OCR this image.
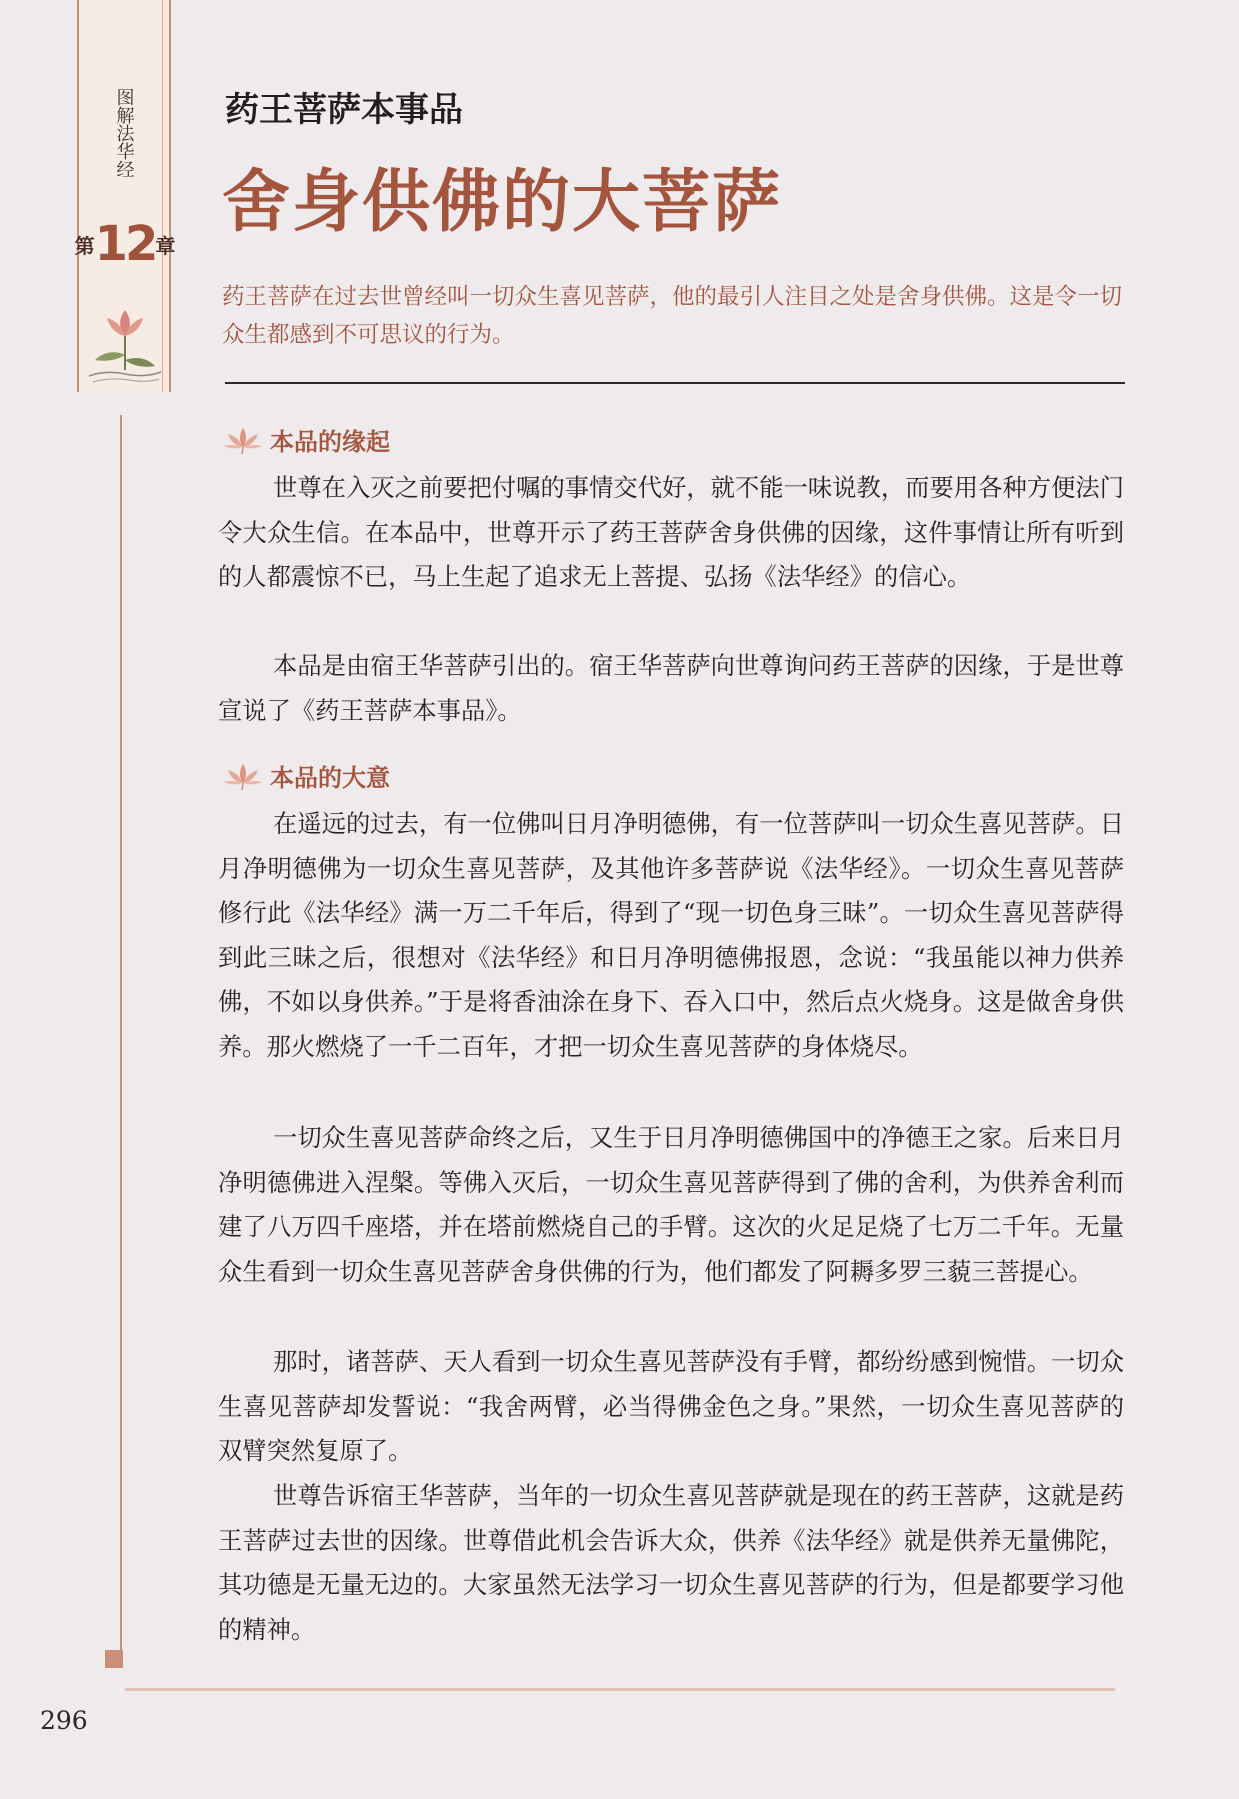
图
解
法
华
经
第 12 章
药王菩萨本事品
舍身供佛的大菩萨

药王菩萨在过去世曾经叫一切众生喜见菩萨，他的最引人注目之处是舍身供佛。这是令一切众生都感到不可思议的行为。

本品的缘起

世尊在入灭之前要把付嘱的事情交代好，就不能一味说教，而要用各种方便法门令大众生信。在本品中，世尊开示了药王菩萨舍身供佛的因缘，这件事情让所有听到的人都震惊不已，马上生起了追求无上菩提、弘扬《法华经》的信心。

本品是由宿王华菩萨引出的。宿王华菩萨向世尊询问药王菩萨的因缘，于是世尊宣说了《药王菩萨本事品》。

本品的大意

在遥远的过去，有一位佛叫日月净明德佛，有一位菩萨叫一切众生喜见菩萨。日月净明德佛为一切众生喜见菩萨，及其他许多菩萨说《法华经》。一切众生喜见菩萨修行此《法华经》满一万二千年后，得到了“现一切色身三昧”。一切众生喜见菩萨得到此三昧之后，很想对《法华经》和日月净明德佛报恩，念说：“我虽能以神力供养佛，不如以身供养。”于是将香油涂在身下、吞入口中，然后点火烧身。这是做舍身供养。那火燃烧了一千二百年，才把一切众生喜见菩萨的身体烧尽。

一切众生喜见菩萨命终之后，又生于日月净明德佛国中的净德王之家。后来日月净明德佛进入涅槃。等佛入灭后，一切众生喜见菩萨得到了佛的舍利，为供养舍利而建了八万四千座塔，并在塔前燃烧自己的手臂。这次的火足足烧了七万二千年。无量众生看到一切众生喜见菩萨舍身供佛的行为，他们都发了阿耨多罗三藐三菩提心。

那时，诸菩萨、天人看到一切众生喜见菩萨没有手臂，都纷纷感到惋惜。一切众生喜见菩萨却发誓说：“我舍两臂，必当得佛金色之身。”果然，一切众生喜见菩萨的双臂突然复原了。

世尊告诉宿王华菩萨，当年的一切众生喜见菩萨就是现在的药王菩萨，这就是药王菩萨过去世的因缘。世尊借此机会告诉大众，供养《法华经》就是供养无量佛陀，其功德是无量无边的。大家虽然无法学习一切众生喜见菩萨的行为，但是都要学习他的精神。

296
